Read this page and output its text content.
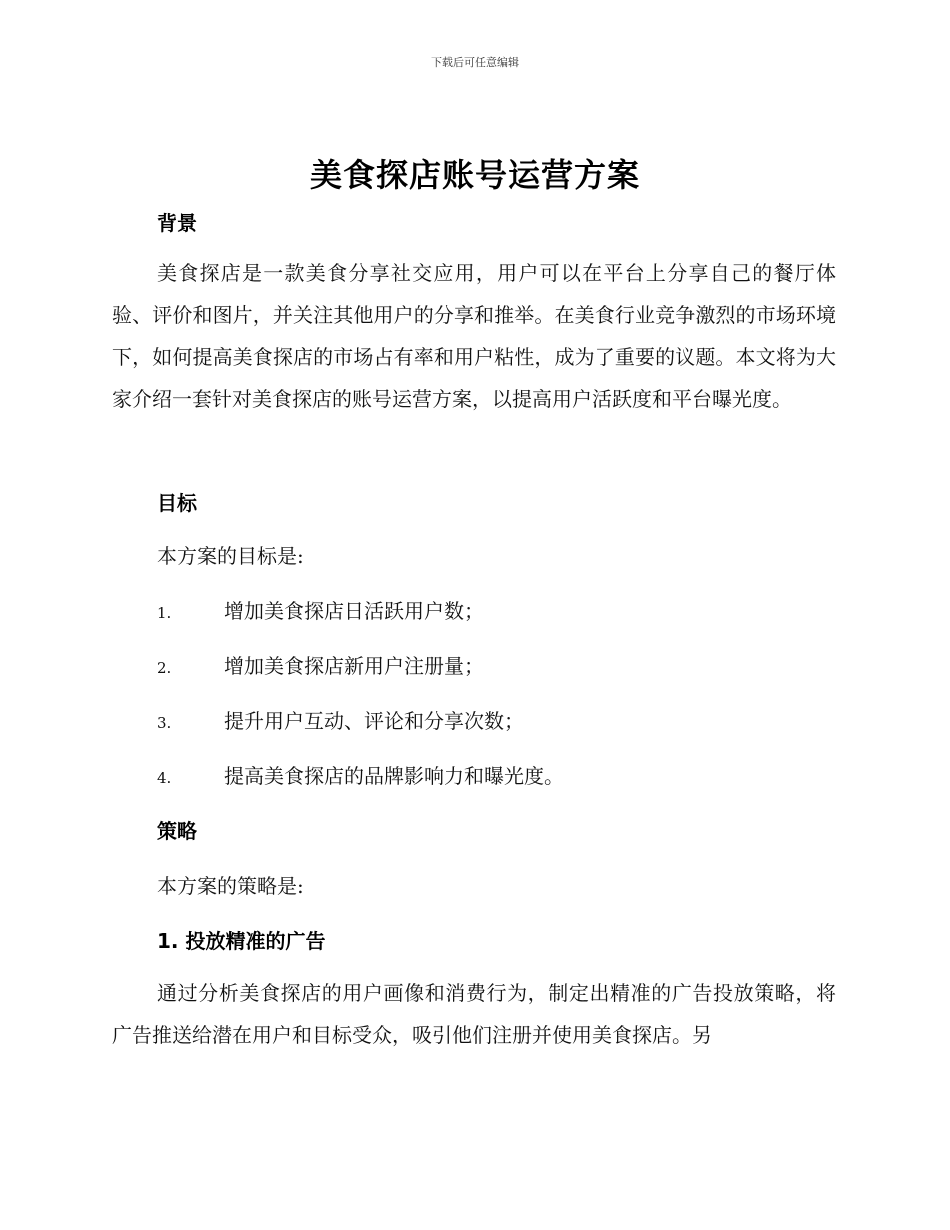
下载后可任意编辑
美食探店账号运营方案
背景
美食探店是一款美食分享社交应用，用户可以在平台上分享自己的餐厅体验、评价和图片，并关注其他用户的分享和推举。在美食行业竞争激烈的市场环境下，如何提高美食探店的市场占有率和用户粘性，成为了重要的议题。本文将为大家介绍一套针对美食探店的账号运营方案，以提高用户活跃度和平台曝光度。
目标
本方案的目标是:
1.	增加美食探店日活跃用户数；
2.	增加美食探店新用户注册量；
3.	提升用户互动、评论和分享次数；
4.	提高美食探店的品牌影响力和曝光度。
策略
本方案的策略是:
1. 投放精准的广告
通过分析美食探店的用户画像和消费行为，制定出精准的广告投放策略，将广告推送给潜在用户和目标受众，吸引他们注册并使用美食探店。另
